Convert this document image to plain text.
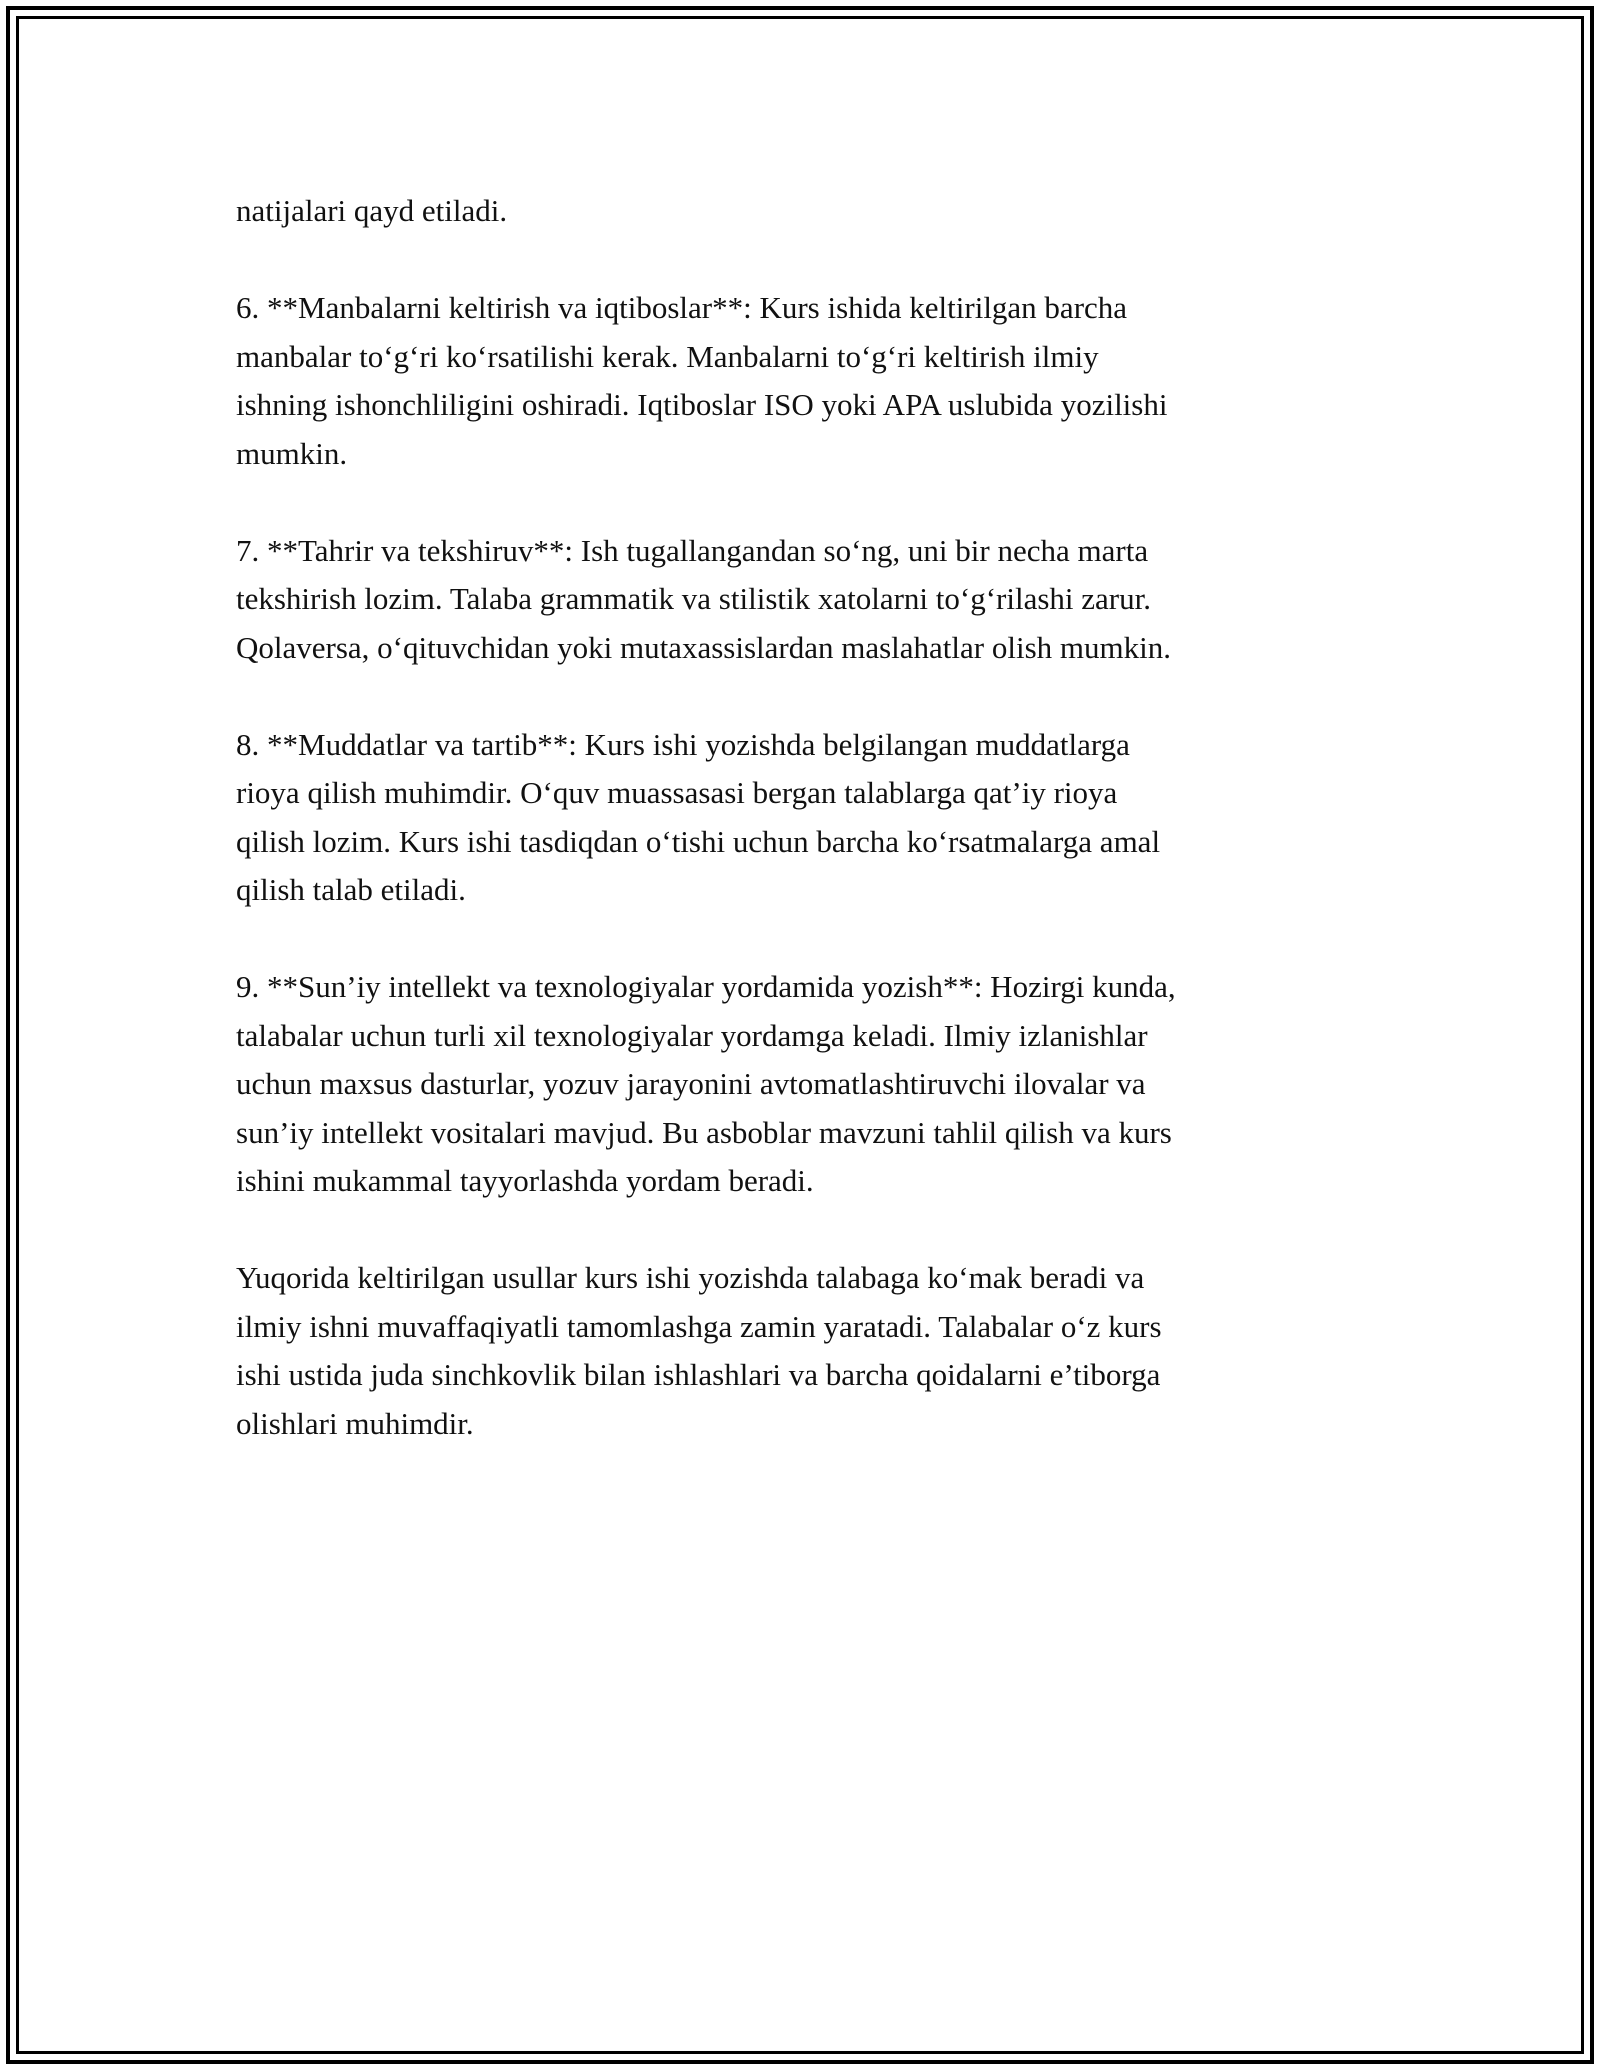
natijalari qayd etiladi.

6. **Manbalarni keltirish va iqtiboslar**: Kurs ishida keltirilgan barcha
manbalar to‘g‘ri ko‘rsatilishi kerak. Manbalarni to‘g‘ri keltirish ilmiy
ishning ishonchliligini oshiradi. Iqtiboslar ISO yoki APA uslubida yozilishi
mumkin.

7. **Tahrir va tekshiruv**: Ish tugallangandan so‘ng, uni bir necha marta
tekshirish lozim. Talaba grammatik va stilistik xatolarni to‘g‘rilashi zarur.
Qolaversa, o‘qituvchidan yoki mutaxassislardan maslahatlar olish mumkin.

8. **Muddatlar va tartib**: Kurs ishi yozishda belgilangan muddatlarga
rioya qilish muhimdir. O‘quv muassasasi bergan talablarga qat’iy rioya
qilish lozim. Kurs ishi tasdiqdan o‘tishi uchun barcha ko‘rsatmalarga amal
qilish talab etiladi.

9. **Sun’iy intellekt va texnologiyalar yordamida yozish**: Hozirgi kunda,
talabalar uchun turli xil texnologiyalar yordamga keladi. Ilmiy izlanishlar
uchun maxsus dasturlar, yozuv jarayonini avtomatlashtiruvchi ilovalar va
sun’iy intellekt vositalari mavjud. Bu asboblar mavzuni tahlil qilish va kurs
ishini mukammal tayyorlashda yordam beradi.

Yuqorida keltirilgan usullar kurs ishi yozishda talabaga ko‘mak beradi va
ilmiy ishni muvaffaqiyatli tamomlashga zamin yaratadi. Talabalar o‘z kurs
ishi ustida juda sinchkovlik bilan ishlashlari va barcha qoidalarni e’tiborga
olishlari muhimdir.
